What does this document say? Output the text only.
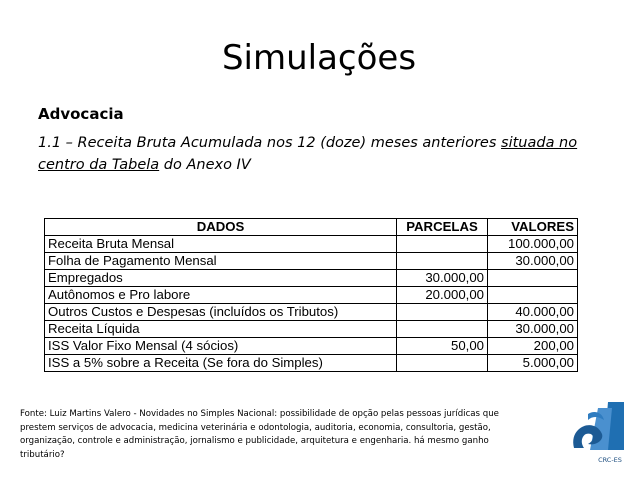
Simulações
Advocacia
1.1 – Receita Bruta Acumulada nos 12 (doze) meses anteriores situada no centro da Tabela do Anexo IV
DADOS	PARCELAS	VALORES
Receita Bruta Mensal		100.000,00
Folha de Pagamento Mensal		30.000,00
Empregados	30.000,00	
Autônomos e Pro labore	20.000,00	
Outros Custos e Despesas (incluídos os Tributos)		40.000,00
Receita Líquida		30.000,00
ISS Valor Fixo Mensal (4 sócios)	50,00	200,00
ISS a 5% sobre a Receita (Se fora do Simples)		5.000,00
Fonte: Luiz Martins Valero - Novidades no Simples Nacional: possibilidade de opção pelas pessoas jurídicas que prestem serviços de advocacia, medicina veterinária e odontologia, auditoria, economia, consultoria, gestão, organização, controle e administração, jornalismo e publicidade, arquitetura e engenharia. há mesmo ganho tributário?
CRC-ES
